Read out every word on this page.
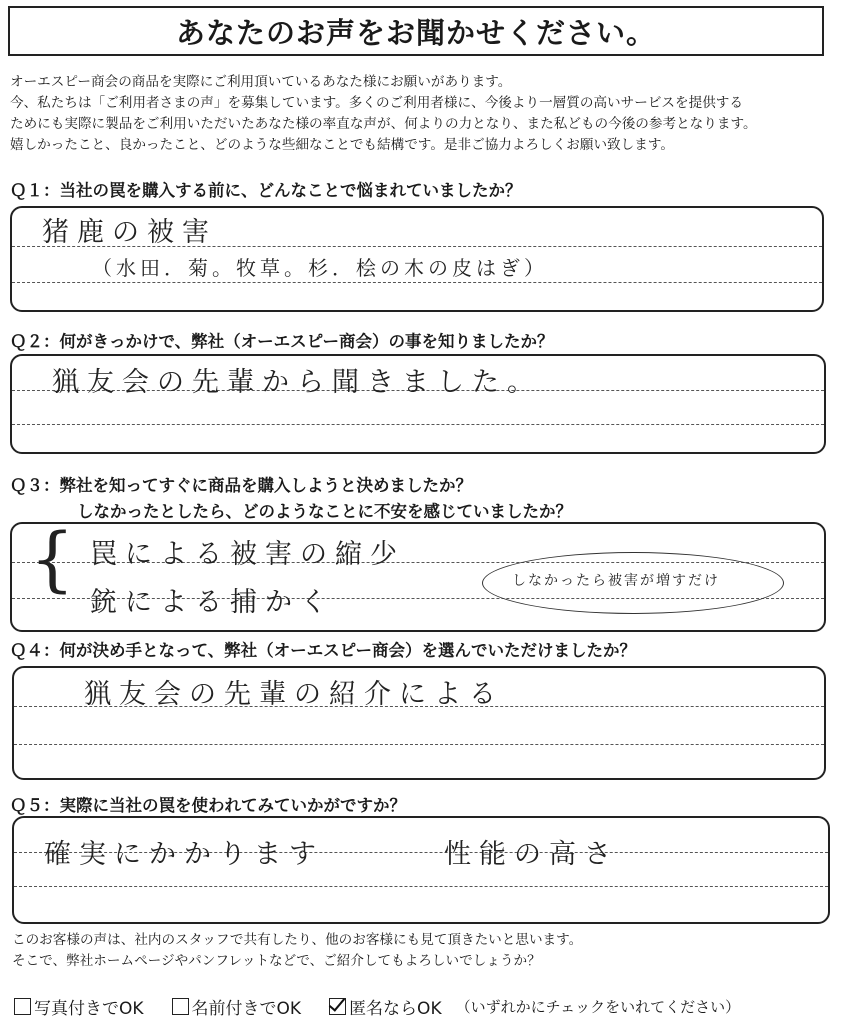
あなたのお声をお聞かせください。
オーエスピー商会の商品を実際にご利用頂いているあなた様にお願いがあります。
今、私たちは「ご利用者さまの声」を募集しています。多くのご利用者様に、今後より一層質の高いサービスを提供する
ためにも実際に製品をご利用いただいたあなた様の率直な声が、何よりの力となり、また私どもの今後の参考となります。
嬉しかったこと、良かったこと、どのような些細なことでも結構です。是非ご協力よろしくお願い致します。
Ｑ１：当社の罠を購入する前に、どんなことで悩まれていましたか？
猪鹿の被害
（水田．菊。牧草。杉．桧の木の皮はぎ）
Ｑ２：何がきっかけで、弊社（オーエスピー商会）の事を知りましたか？
猟友会の先輩から聞きました。
Ｑ３：弊社を知ってすぐに商品を購入しようと決めましたか？
しなかったとしたら、どのようなことに不安を感じていましたか？
{ 罠による被害の縮少
銃による捕かく
しなかったら被害が増すだけ
Ｑ４：何が決め手となって、弊社（オーエスピー商会）を選んでいただけましたか？
猟友会の先輩の紹介による
Ｑ５：実際に当社の罠を使われてみていかがですか？
確実にかかります	性能の高さ
このお客様の声は、社内のスタッフで共有したり、他のお客様にも見て頂きたいと思います。
そこで、弊社ホームページやパンフレットなどで、ご紹介してもよろしいでしょうか？
写真付きでOK	名前付きでOK	匿名ならOK （いずれかにチェックをいれてください）
